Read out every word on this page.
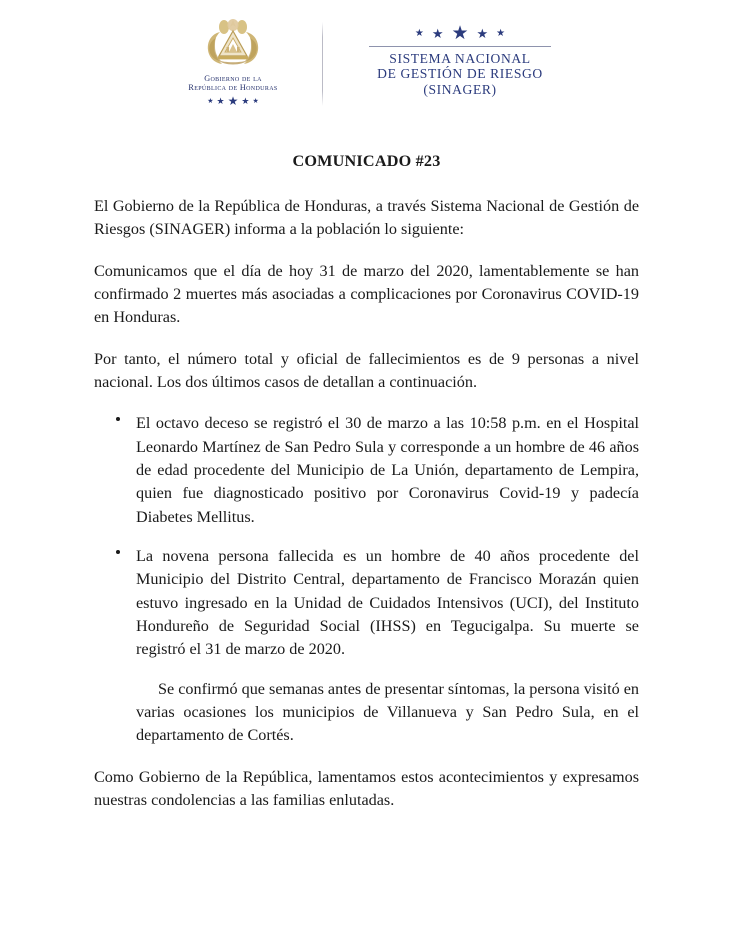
Gobierno de la
República de Honduras
★ ★ ★ ★ ★
★ ★ ★ ★ ★
SISTEMA NACIONAL
DE GESTIÓN DE RIESGO
(SINAGER)
COMUNICADO #23

El Gobierno de la República de Honduras, a través Sistema Nacional de Gestión de Riesgos (SINAGER) informa a la población lo siguiente:

Comunicamos que el día de hoy 31 de marzo del 2020, lamentablemente se han confirmado 2 muertes más asociadas a complicaciones por Coronavirus COVID-19 en Honduras.

Por tanto, el número total y oficial de fallecimientos es de 9 personas a nivel nacional. Los dos últimos casos de detallan a continuación.

El octavo deceso se registró el 30 de marzo a las 10:58 p.m. en el Hospital Leonardo Martínez de San Pedro Sula y corresponde a un hombre de 46 años de edad procedente del Municipio de La Unión, departamento de Lempira, quien fue diagnosticado positivo por Coronavirus Covid-19 y padecía Diabetes Mellitus.
La novena persona fallecida es un hombre de 40 años procedente del Municipio del Distrito Central, departamento de Francisco Morazán quien estuvo ingresado en la Unidad de Cuidados Intensivos (UCI), del Instituto Hondureño de Seguridad Social (IHSS) en Tegucigalpa. Su muerte se registró el 31 de marzo de 2020.

Se confirmó que semanas antes de presentar síntomas, la persona visitó en varias ocasiones los municipios de Villanueva y San Pedro Sula, en el departamento de Cortés.

Como Gobierno de la República, lamentamos estos acontecimientos y expresamos nuestras condolencias a las familias enlutadas.
